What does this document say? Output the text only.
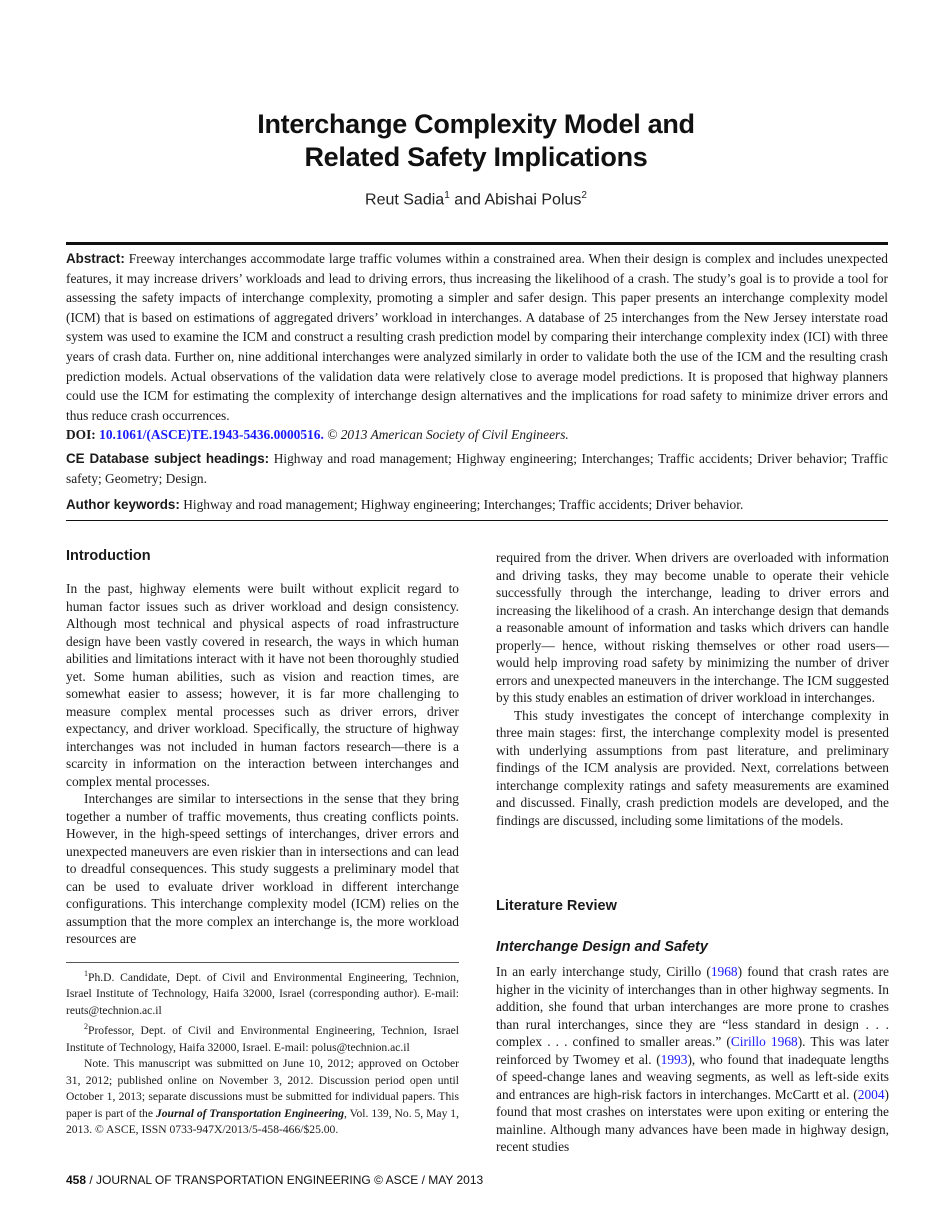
Interchange Complexity Model and
Related Safety Implications
Reut Sadia$^1$ and Abishai Polus$^2$
Abstract: Freeway interchanges accommodate large traffic volumes within a constrained area. When their design is complex and includes unexpected features, it may increase drivers’ workloads and lead to driving errors, thus increasing the likelihood of a crash. The study’s goal is to provide a tool for assessing the safety impacts of interchange complexity, promoting a simpler and safer design. This paper presents an interchange complexity model (ICM) that is based on estimations of aggregated drivers’ workload in interchanges. A database of 25 interchanges from the New Jersey interstate road system was used to examine the ICM and construct a resulting crash prediction model by comparing their interchange complexity index (ICI) with three years of crash data. Further on, nine additional interchanges were analyzed similarly in order to validate both the use of the ICM and the resulting crash prediction models. Actual observations of the validation data were relatively close to average model predictions. It is proposed that highway planners could use the ICM for estimating the complexity of interchange design alternatives and the implications for road safety to minimize driver errors and thus reduce crash occurrences.
DOI: 10.1061/(ASCE)TE.1943-5436.0000516. © 2013 American Society of Civil Engineers.
CE Database subject headings: Highway and road management; Highway engineering; Interchanges; Traffic accidents; Driver behavior; Traffic safety; Geometry; Design.
Author keywords: Highway and road management; Highway engineering; Interchanges; Traffic accidents; Driver behavior.
Introduction

In the past, highway elements were built without explicit regard to human factor issues such as driver workload and design consistency. Although most technical and physical aspects of road infrastructure design have been vastly covered in research, the ways in which human abilities and limitations interact with it have not been thoroughly studied yet. Some human abilities, such as vision and reaction times, are somewhat easier to assess; however, it is far more challenging to measure complex mental processes such as driver errors, driver expectancy, and driver workload. Specifically, the structure of highway interchanges was not included in human factors research—there is a scarcity in information on the interaction between interchanges and complex mental processes.

Interchanges are similar to intersections in the sense that they bring together a number of traffic movements, thus creating conflicts points. However, in the high-speed settings of interchanges, driver errors and unexpected maneuvers are even riskier than in intersections and can lead to dreadful consequences. This study suggests a preliminary model that can be used to evaluate driver workload in different interchange configurations. This interchange complexity model (ICM) relies on the assumption that the more complex an interchange is, the more workload resources are

$^1$Ph.D. Candidate, Dept. of Civil and Environmental Engineering, Technion, Israel Institute of Technology, Haifa 32000, Israel (corresponding author). E-mail: reuts@technion.ac.il

$^2$Professor, Dept. of Civil and Environmental Engineering, Technion, Israel Institute of Technology, Haifa 32000, Israel. E-mail: polus@technion.ac.il

Note. This manuscript was submitted on June 10, 2012; approved on October 31, 2012; published online on November 3, 2012. Discussion period open until October 1, 2013; separate discussions must be submitted for individual papers. This paper is part of the Journal of Transportation Engineering, Vol. 139, No. 5, May 1, 2013. © ASCE, ISSN 0733-947X/2013/5-458-466/$25.00.

required from the driver. When drivers are overloaded with information and driving tasks, they may become unable to operate their vehicle successfully through the interchange, leading to driver errors and increasing the likelihood of a crash. An interchange design that demands a reasonable amount of information and tasks which drivers can handle properly— hence, without risking themselves or other road users—would help improving road safety by minimizing the number of driver errors and unexpected maneuvers in the interchange. The ICM suggested by this study enables an estimation of driver workload in interchanges.

This study investigates the concept of interchange complexity in three main stages: first, the interchange complexity model is presented with underlying assumptions from past literature, and preliminary findings of the ICM analysis are provided. Next, correlations between interchange complexity ratings and safety measurements are examined and discussed. Finally, crash prediction models are developed, and the findings are discussed, including some limitations of the models.

Literature Review
Interchange Design and Safety

In an early interchange study, Cirillo (1968) found that crash rates are higher in the vicinity of interchanges than in other highway segments. In addition, she found that urban interchanges are more prone to crashes than rural interchanges, since they are “less standard in design . . . complex . . . confined to smaller areas.” (Cirillo 1968). This was later reinforced by Twomey et al. (1993), who found that inadequate lengths of speed-change lanes and weaving segments, as well as left-side exits and entrances are high-risk factors in interchanges. McCartt et al. (2004) found that most crashes on interstates were upon exiting or entering the mainline. Although many advances have been made in highway design, recent studies

458 / JOURNAL OF TRANSPORTATION ENGINEERING © ASCE / MAY 2013
